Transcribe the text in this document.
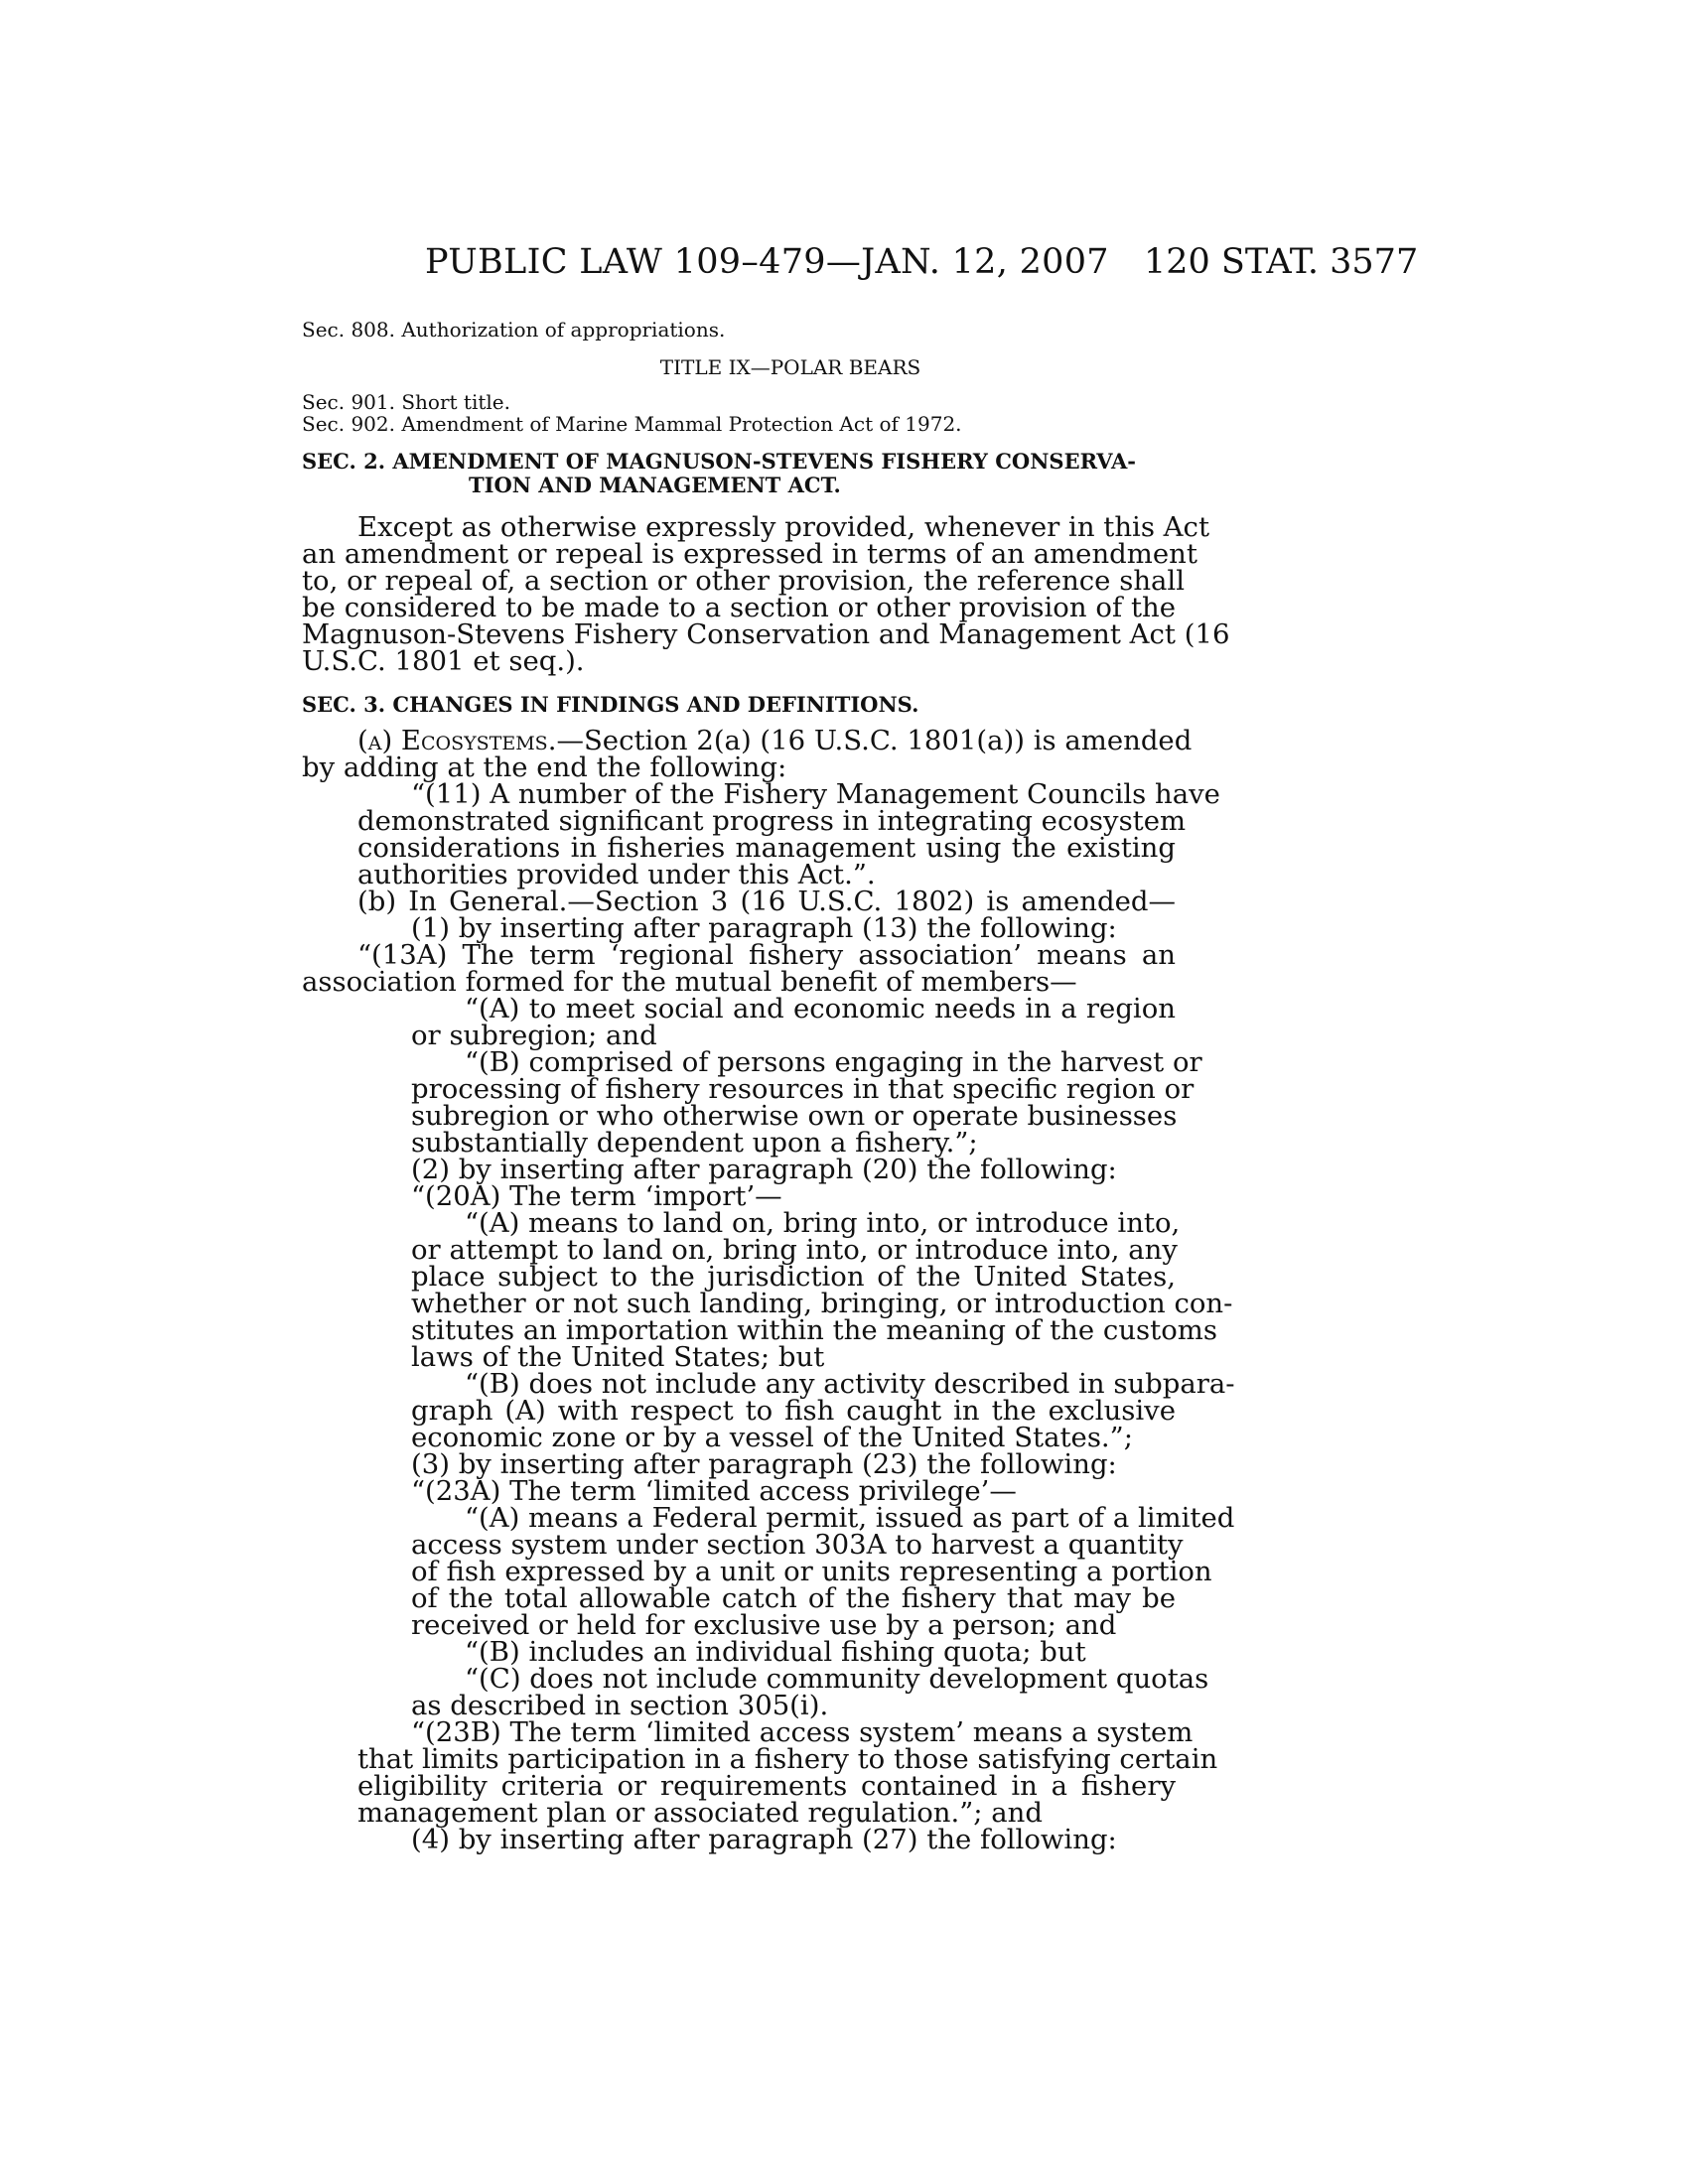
PUBLIC LAW 109–479—JAN. 12, 2007 120 STAT. 3577
Sec. 808. Authorization of appropriations.
TITLE IX—POLAR BEARS
Sec. 901. Short title.
Sec. 902. Amendment of Marine Mammal Protection Act of 1972.
SEC. 2. AMENDMENT OF MAGNUSON-STEVENS FISHERY CONSERVA-
TION AND MANAGEMENT ACT.
Except as otherwise expressly provided, whenever in this Act
an amendment or repeal is expressed in terms of an amendment
to, or repeal of, a section or other provision, the reference shall
be considered to be made to a section or other provision of the
Magnuson-Stevens Fishery Conservation and Management Act (16
U.S.C. 1801 et seq.).
SEC. 3. CHANGES IN FINDINGS AND DEFINITIONS.
(a) Ecosystems.—Section 2(a) (16 U.S.C. 1801(a)) is amended
by adding at the end the following:
“(11) A number of the Fishery Management Councils have
demonstrated significant progress in integrating ecosystem
considerations in fisheries management using the existing
authorities provided under this Act.”.
(b) In General.—Section 3 (16 U.S.C. 1802) is amended—
(1) by inserting after paragraph (13) the following:
“(13A) The term ‘regional fishery association’ means an
association formed for the mutual benefit of members—
“(A) to meet social and economic needs in a region
or subregion; and
“(B) comprised of persons engaging in the harvest or
processing of fishery resources in that specific region or
subregion or who otherwise own or operate businesses
substantially dependent upon a fishery.”;
(2) by inserting after paragraph (20) the following:
“(20A) The term ‘import’—
“(A) means to land on, bring into, or introduce into,
or attempt to land on, bring into, or introduce into, any
place subject to the jurisdiction of the United States,
whether or not such landing, bringing, or introduction con-
stitutes an importation within the meaning of the customs
laws of the United States; but
“(B) does not include any activity described in subpara-
graph (A) with respect to fish caught in the exclusive
economic zone or by a vessel of the United States.”;
(3) by inserting after paragraph (23) the following:
“(23A) The term ‘limited access privilege’—
“(A) means a Federal permit, issued as part of a limited
access system under section 303A to harvest a quantity
of fish expressed by a unit or units representing a portion
of the total allowable catch of the fishery that may be
received or held for exclusive use by a person; and
“(B) includes an individual fishing quota; but
“(C) does not include community development quotas
as described in section 305(i).
“(23B) The term ‘limited access system’ means a system
that limits participation in a fishery to those satisfying certain
eligibility criteria or requirements contained in a fishery
management plan or associated regulation.”; and
(4) by inserting after paragraph (27) the following:
